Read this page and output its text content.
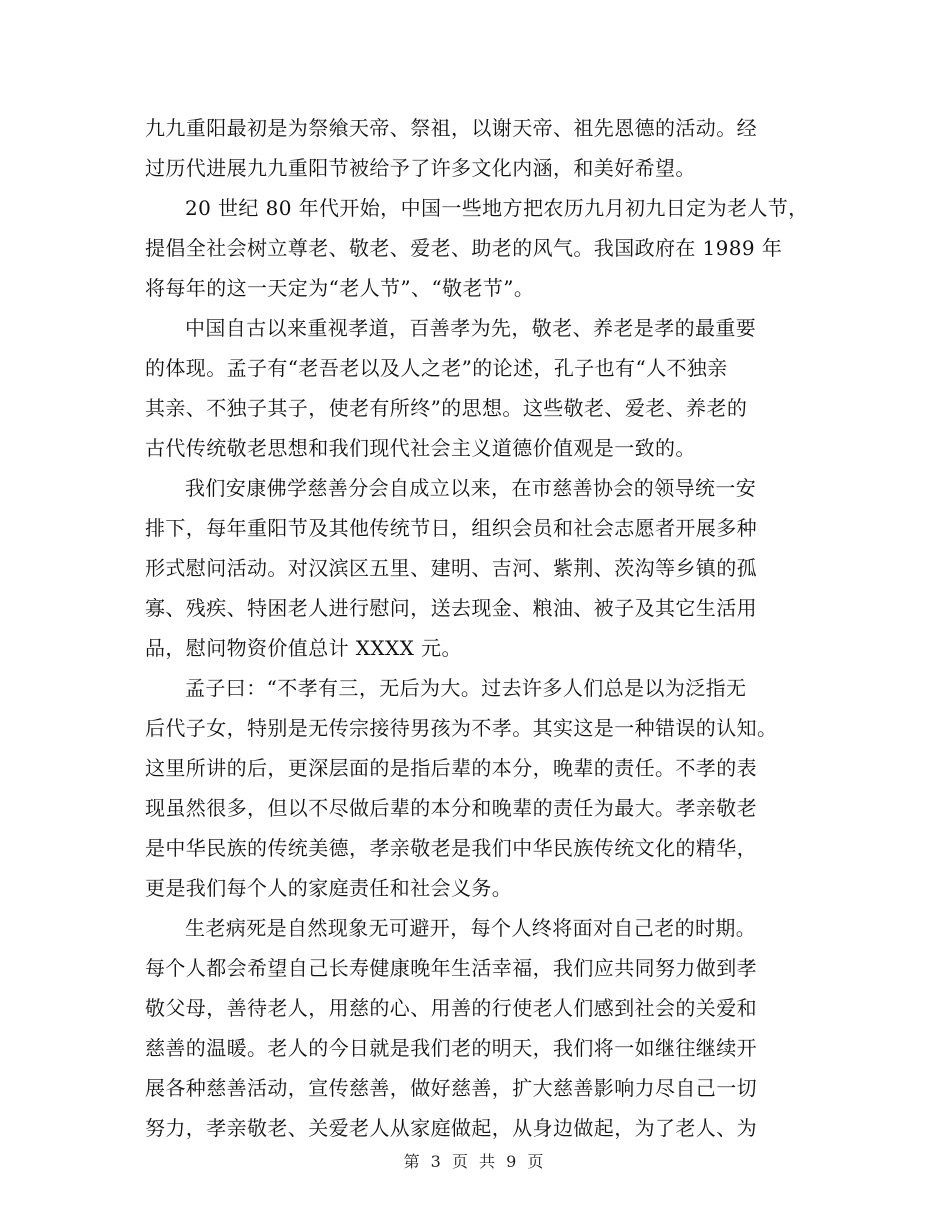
九九重阳最初是为祭飨天帝、祭祖，以谢天帝、祖先恩德的活动。经
过历代进展九九重阳节被给予了许多文化内涵，和美好希望。
20 世纪 80 年代开始，中国一些地方把农历九月初九日定为老人节，
提倡全社会树立尊老、敬老、爱老、助老的风气。我国政府在 1989 年
将每年的这一天定为“老人节”、“敬老节”。
中国自古以来重视孝道，百善孝为先，敬老、养老是孝的最重要
的体现。孟子有“老吾老以及人之老”的论述，孔子也有“人不独亲
其亲、不独子其子，使老有所终”的思想。这些敬老、爱老、养老的
古代传统敬老思想和我们现代社会主义道德价值观是一致的。
我们安康佛学慈善分会自成立以来，在市慈善协会的领导统一安
排下，每年重阳节及其他传统节日，组织会员和社会志愿者开展多种
形式慰问活动。对汉滨区五里、建明、吉河、紫荆、茨沟等乡镇的孤
寡、残疾、特困老人进行慰问，送去现金、粮油、被子及其它生活用
品，慰问物资价值总计 XXXX 元。
孟子曰：“不孝有三，无后为大。过去许多人们总是以为泛指无
后代子女，特别是无传宗接待男孩为不孝。其实这是一种错误的认知。
这里所讲的后，更深层面的是指后辈的本分，晚辈的责任。不孝的表
现虽然很多，但以不尽做后辈的本分和晚辈的责任为最大。孝亲敬老
是中华民族的传统美德，孝亲敬老是我们中华民族传统文化的精华，
更是我们每个人的家庭责任和社会义务。
生老病死是自然现象无可避开，每个人终将面对自己老的时期。
每个人都会希望自己长寿健康晚年生活幸福，我们应共同努力做到孝
敬父母，善待老人，用慈的心、用善的行使老人们感到社会的关爱和
慈善的温暖。老人的今日就是我们老的明天，我们将一如继往继续开
展各种慈善活动，宣传慈善，做好慈善，扩大慈善影响力尽自己一切
努力，孝亲敬老、关爱老人从家庭做起，从身边做起，为了老人、为
第 3 页 共 9 页
